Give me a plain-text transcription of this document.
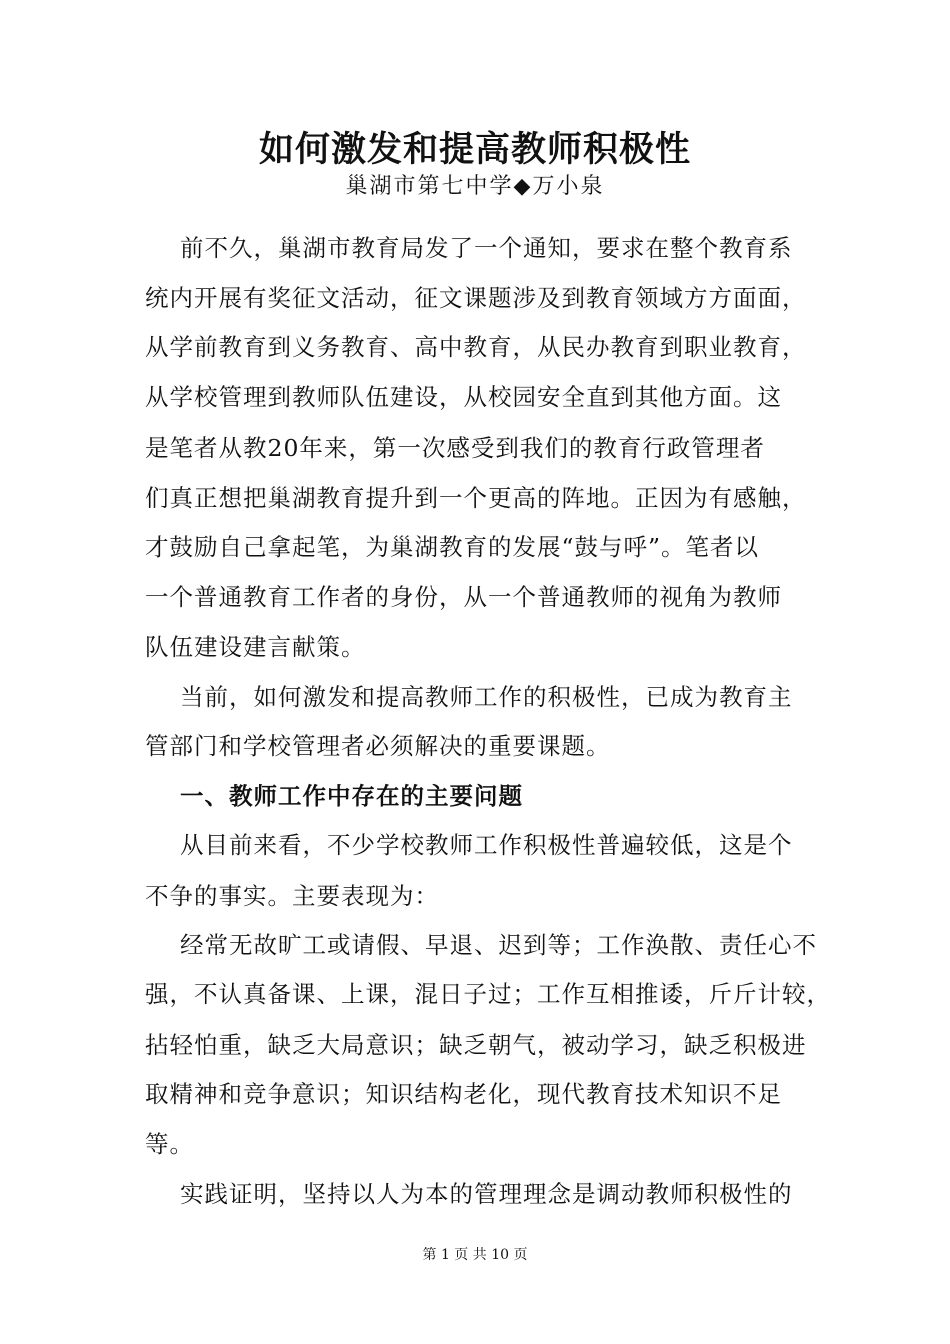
如何激发和提高教师积极性
巢湖市第七中学◆万小泉
前不久，巢湖市教育局发了一个通知，要求在整个教育系
统内开展有奖征文活动，征文课题涉及到教育领域方方面面，
从学前教育到义务教育、高中教育，从民办教育到职业教育，
从学校管理到教师队伍建设，从校园安全直到其他方面。这
是笔者从教20年来，第一次感受到我们的教育行政管理者
们真正想把巢湖教育提升到一个更高的阵地。正因为有感触，
才鼓励自己拿起笔，为巢湖教育的发展“鼓与呼”。笔者以
一个普通教育工作者的身份，从一个普通教师的视角为教师
队伍建设建言献策。
当前，如何激发和提高教师工作的积极性，已成为教育主
管部门和学校管理者必须解决的重要课题。
一、教师工作中存在的主要问题
从目前来看，不少学校教师工作积极性普遍较低，这是个
不争的事实。主要表现为：
经常无故旷工或请假、早退、迟到等；工作涣散、责任心不
强，不认真备课、上课，混日子过；工作互相推诿，斤斤计较，
拈轻怕重，缺乏大局意识；缺乏朝气，被动学习，缺乏积极进
取精神和竞争意识；知识结构老化，现代教育技术知识不足
等。
实践证明，坚持以人为本的管理理念是调动教师积极性的
第 1 页 共 10 页
